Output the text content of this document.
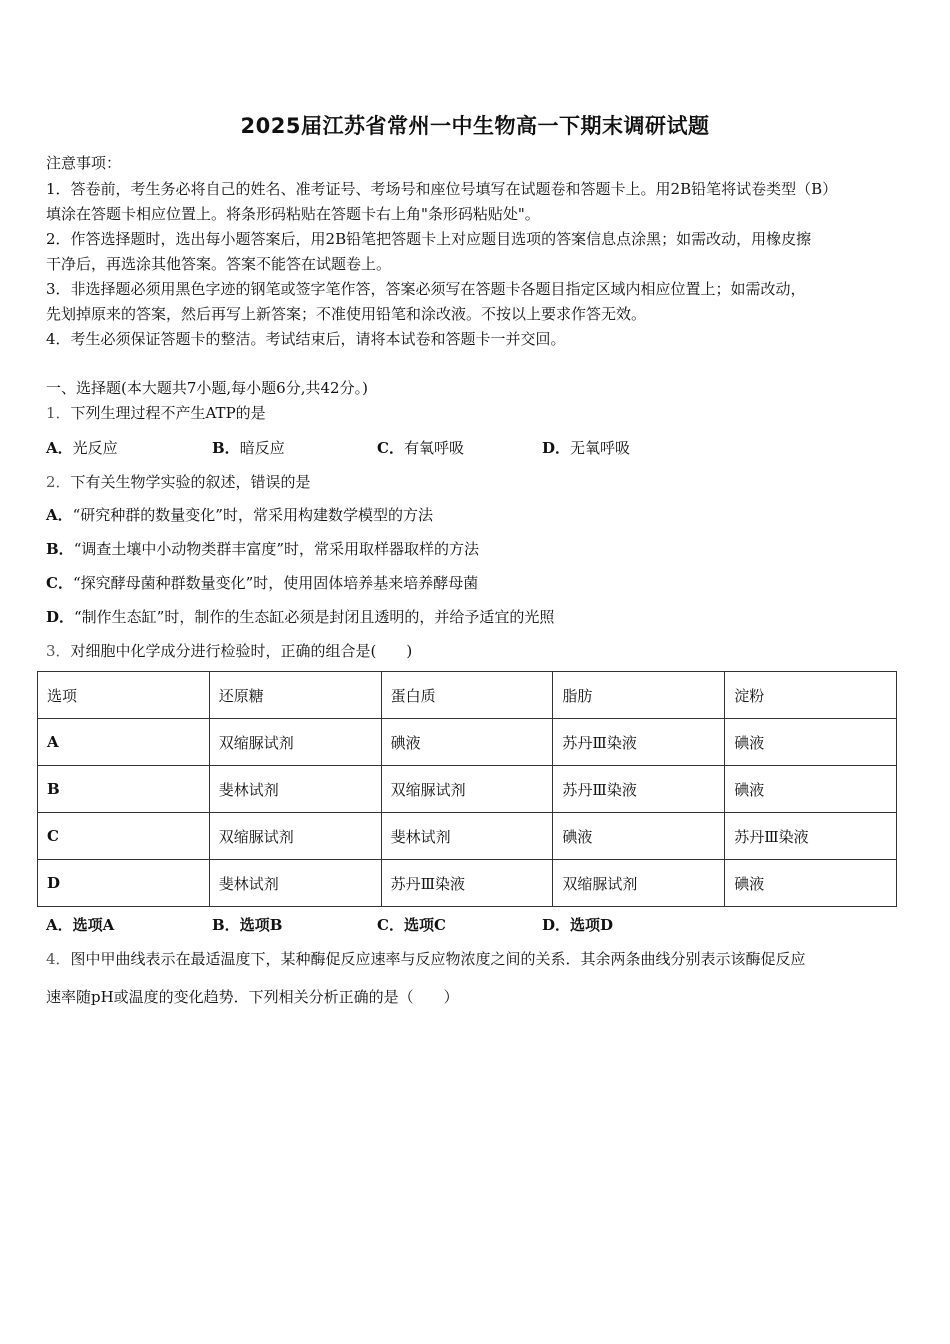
2025届江苏省常州一中生物高一下期末调研试题
注意事项：
1．答卷前，考生务必将自己的姓名、准考证号、考场号和座位号填写在试题卷和答题卡上。用2B铅笔将试卷类型（B）
填涂在答题卡相应位置上。将条形码粘贴在答题卡右上角"条形码粘贴处"。
2．作答选择题时，选出每小题答案后，用2B铅笔把答题卡上对应题目选项的答案信息点涂黑；如需改动，用橡皮擦
干净后，再选涂其他答案。答案不能答在试题卷上。
3．非选择题必须用黑色字迹的钢笔或签字笔作答，答案必须写在答题卡各题目指定区域内相应位置上；如需改动，
先划掉原来的答案，然后再写上新答案；不准使用铅笔和涂改液。不按以上要求作答无效。
4．考生必须保证答题卡的整洁。考试结束后，请将本试卷和答题卡一并交回。
一、选择题(本大题共7小题,每小题6分,共42分。)
1．下列生理过程不产生ATP的是
A．光反应	B．暗反应	C．有氧呼吸	D．无氧呼吸
2．下有关生物学实验的叙述，错误的是
A．“研究种群的数量变化”时，常采用构建数学模型的方法
B．“调查土壤中小动物类群丰富度”时，常采用取样器取样的方法
C．“探究酵母菌种群数量变化”时，使用固体培养基来培养酵母菌
D．“制作生态缸”时，制作的生态缸必须是封闭且透明的，并给予适宜的光照
3．对细胞中化学成分进行检验时，正确的组合是(　　)
选项	还原糖	蛋白质	脂肪	淀粉
A	双缩脲试剂	碘液	苏丹Ⅲ染液	碘液
B	斐林试剂	双缩脲试剂	苏丹Ⅲ染液	碘液
C	双缩脲试剂	斐林试剂	碘液	苏丹Ⅲ染液
D	斐林试剂	苏丹Ⅲ染液	双缩脲试剂	碘液
A．选项A	B．选项B	C．选项C	D．选项D
4．图中甲曲线表示在最适温度下，某种酶促反应速率与反应物浓度之间的关系．其余两条曲线分别表示该酶促反应
速率随pH或温度的变化趋势．下列相关分析正确的是（　　）
